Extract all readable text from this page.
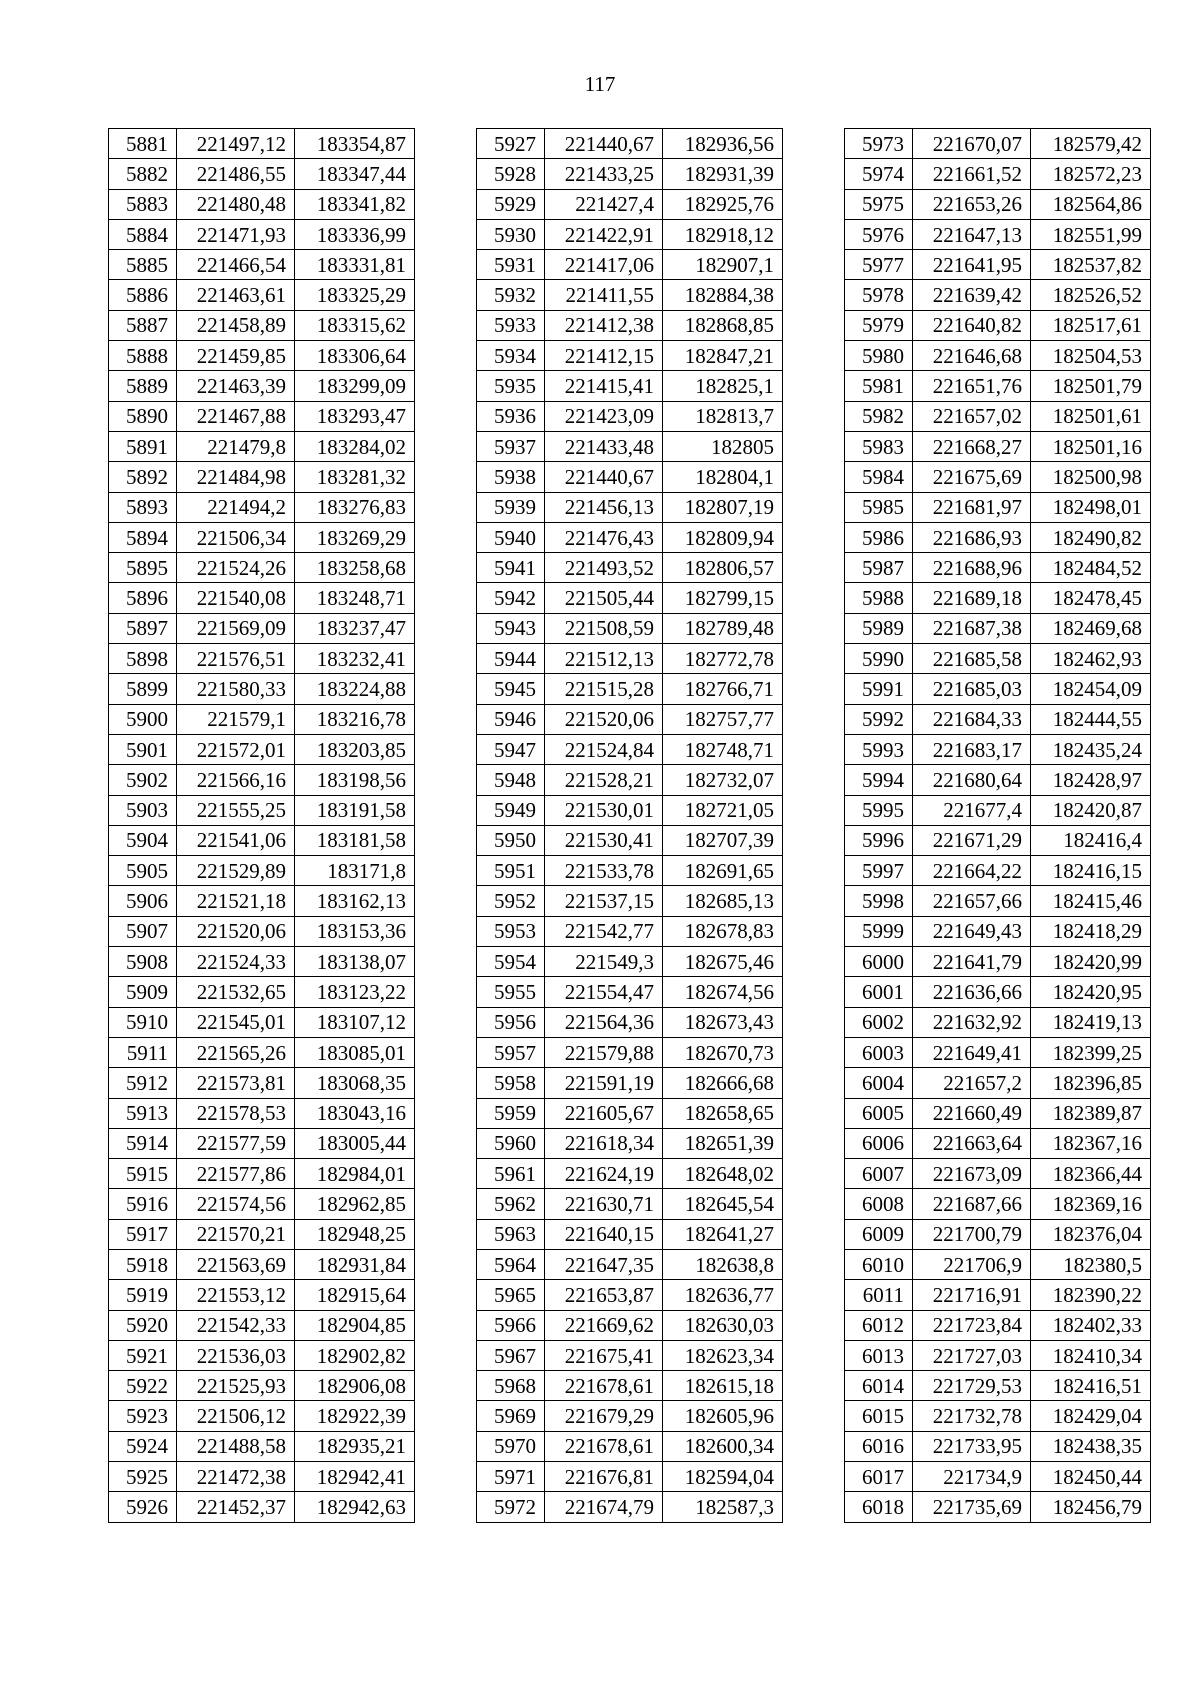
117
5881	221497,12	183354,87
5882	221486,55	183347,44
5883	221480,48	183341,82
5884	221471,93	183336,99
5885	221466,54	183331,81
5886	221463,61	183325,29
5887	221458,89	183315,62
5888	221459,85	183306,64
5889	221463,39	183299,09
5890	221467,88	183293,47
5891	221479,8	183284,02
5892	221484,98	183281,32
5893	221494,2	183276,83
5894	221506,34	183269,29
5895	221524,26	183258,68
5896	221540,08	183248,71
5897	221569,09	183237,47
5898	221576,51	183232,41
5899	221580,33	183224,88
5900	221579,1	183216,78
5901	221572,01	183203,85
5902	221566,16	183198,56
5903	221555,25	183191,58
5904	221541,06	183181,58
5905	221529,89	183171,8
5906	221521,18	183162,13
5907	221520,06	183153,36
5908	221524,33	183138,07
5909	221532,65	183123,22
5910	221545,01	183107,12
5911	221565,26	183085,01
5912	221573,81	183068,35
5913	221578,53	183043,16
5914	221577,59	183005,44
5915	221577,86	182984,01
5916	221574,56	182962,85
5917	221570,21	182948,25
5918	221563,69	182931,84
5919	221553,12	182915,64
5920	221542,33	182904,85
5921	221536,03	182902,82
5922	221525,93	182906,08
5923	221506,12	182922,39
5924	221488,58	182935,21
5925	221472,38	182942,41
5926	221452,37	182942,63
5927	221440,67	182936,56
5928	221433,25	182931,39
5929	221427,4	182925,76
5930	221422,91	182918,12
5931	221417,06	182907,1
5932	221411,55	182884,38
5933	221412,38	182868,85
5934	221412,15	182847,21
5935	221415,41	182825,1
5936	221423,09	182813,7
5937	221433,48	182805
5938	221440,67	182804,1
5939	221456,13	182807,19
5940	221476,43	182809,94
5941	221493,52	182806,57
5942	221505,44	182799,15
5943	221508,59	182789,48
5944	221512,13	182772,78
5945	221515,28	182766,71
5946	221520,06	182757,77
5947	221524,84	182748,71
5948	221528,21	182732,07
5949	221530,01	182721,05
5950	221530,41	182707,39
5951	221533,78	182691,65
5952	221537,15	182685,13
5953	221542,77	182678,83
5954	221549,3	182675,46
5955	221554,47	182674,56
5956	221564,36	182673,43
5957	221579,88	182670,73
5958	221591,19	182666,68
5959	221605,67	182658,65
5960	221618,34	182651,39
5961	221624,19	182648,02
5962	221630,71	182645,54
5963	221640,15	182641,27
5964	221647,35	182638,8
5965	221653,87	182636,77
5966	221669,62	182630,03
5967	221675,41	182623,34
5968	221678,61	182615,18
5969	221679,29	182605,96
5970	221678,61	182600,34
5971	221676,81	182594,04
5972	221674,79	182587,3
5973	221670,07	182579,42
5974	221661,52	182572,23
5975	221653,26	182564,86
5976	221647,13	182551,99
5977	221641,95	182537,82
5978	221639,42	182526,52
5979	221640,82	182517,61
5980	221646,68	182504,53
5981	221651,76	182501,79
5982	221657,02	182501,61
5983	221668,27	182501,16
5984	221675,69	182500,98
5985	221681,97	182498,01
5986	221686,93	182490,82
5987	221688,96	182484,52
5988	221689,18	182478,45
5989	221687,38	182469,68
5990	221685,58	182462,93
5991	221685,03	182454,09
5992	221684,33	182444,55
5993	221683,17	182435,24
5994	221680,64	182428,97
5995	221677,4	182420,87
5996	221671,29	182416,4
5997	221664,22	182416,15
5998	221657,66	182415,46
5999	221649,43	182418,29
6000	221641,79	182420,99
6001	221636,66	182420,95
6002	221632,92	182419,13
6003	221649,41	182399,25
6004	221657,2	182396,85
6005	221660,49	182389,87
6006	221663,64	182367,16
6007	221673,09	182366,44
6008	221687,66	182369,16
6009	221700,79	182376,04
6010	221706,9	182380,5
6011	221716,91	182390,22
6012	221723,84	182402,33
6013	221727,03	182410,34
6014	221729,53	182416,51
6015	221732,78	182429,04
6016	221733,95	182438,35
6017	221734,9	182450,44
6018	221735,69	182456,79
